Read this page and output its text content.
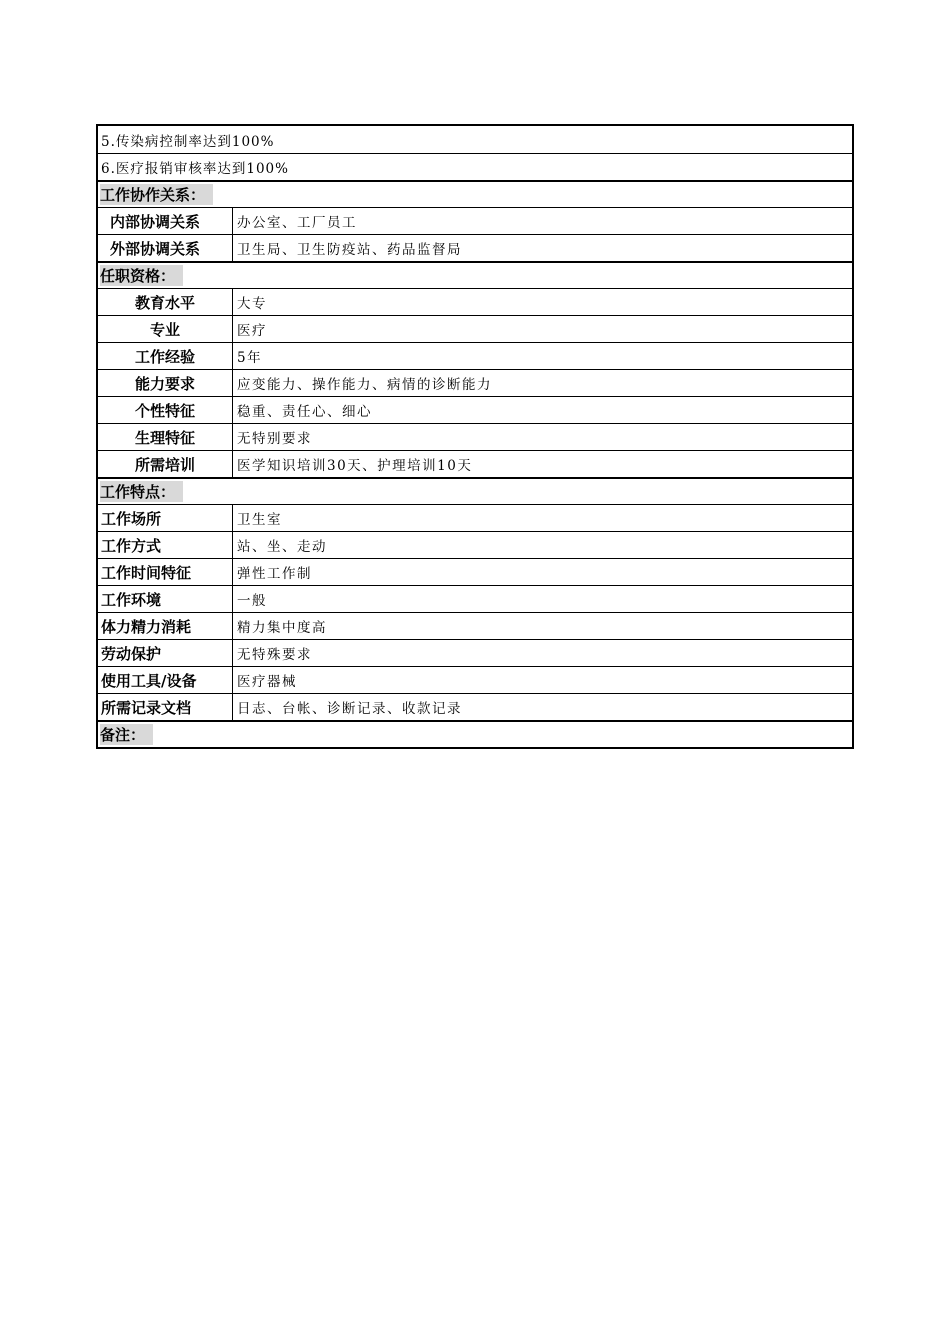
5.传染病控制率达到100%
6.医疗报销审核率达到100%
工作协作关系：
内部协调关系	办公室、工厂员工
外部协调关系	卫生局、卫生防疫站、药品监督局
任职资格：
教育水平	大专
专业	医疗
工作经验	5年
能力要求	应变能力、操作能力、病情的诊断能力
个性特征	稳重、责任心、细心
生理特征	无特别要求
所需培训	医学知识培训30天、护理培训10天
工作特点：
工作场所	卫生室
工作方式	站、坐、走动
工作时间特征	弹性工作制
工作环境	一般
体力精力消耗	精力集中度高
劳动保护	无特殊要求
使用工具/设备	医疗器械
所需记录文档	日志、台帐、诊断记录、收款记录
备注：
